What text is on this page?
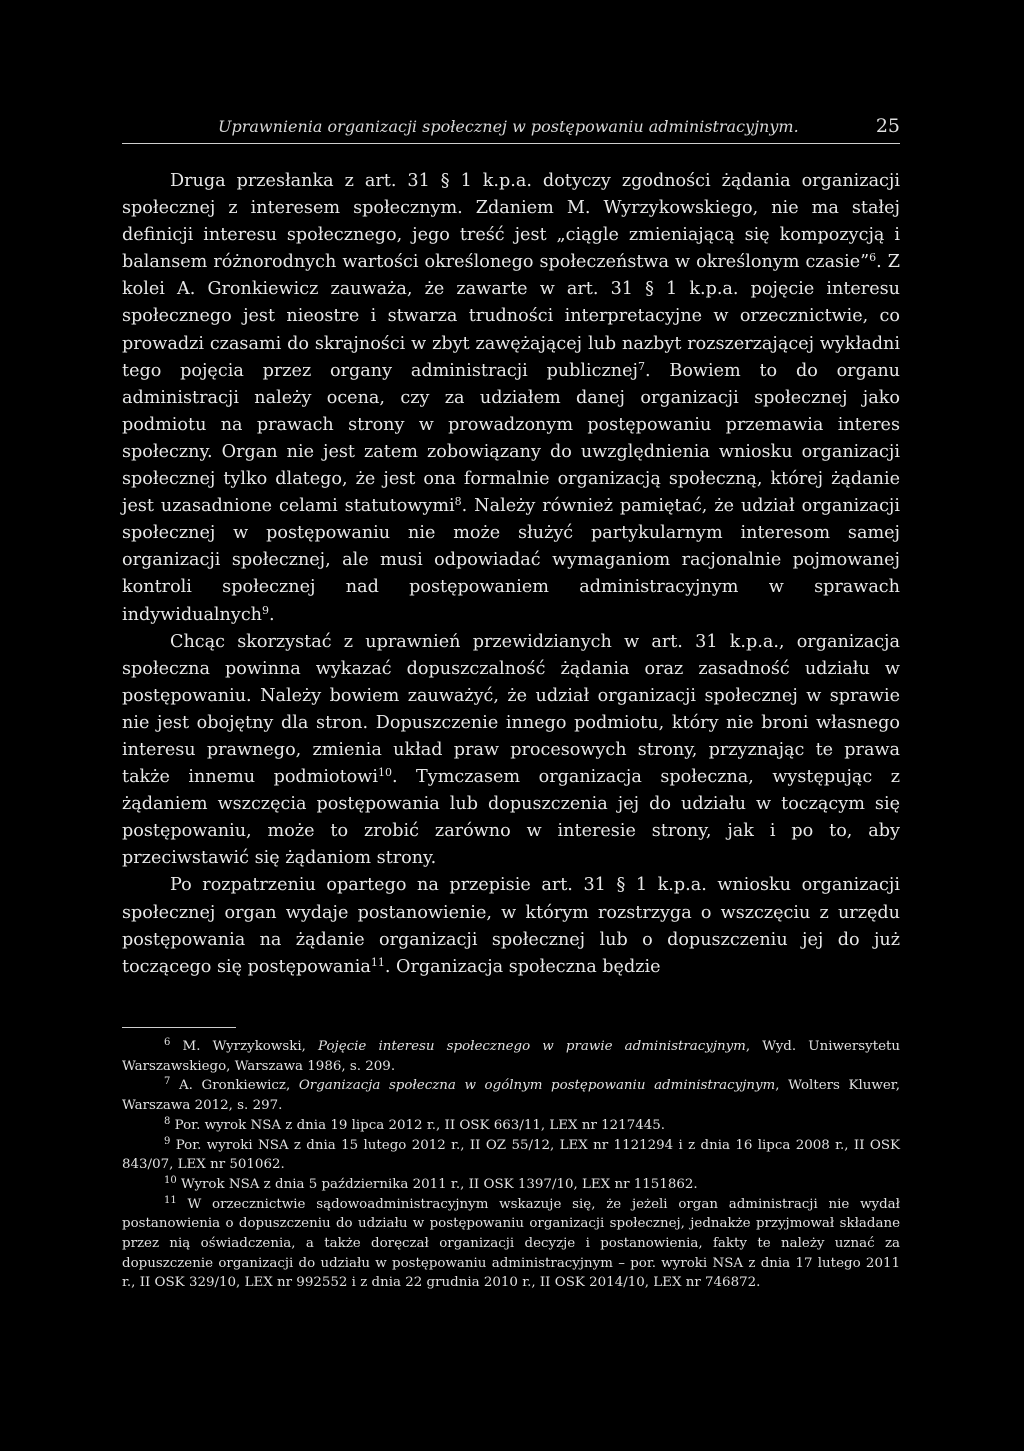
Uprawnienia organizacji społecznej w postępowaniu administracyjnym.	25

Druga przesłanka z art. 31 § 1 k.p.a. dotyczy zgodności żądania organizacji społecznej z interesem społecznym. Zdaniem M. Wyrzykowskiego, nie ma stałej definicji interesu społecznego, jego treść jest „ciągle zmieniającą się kompozycją i balansem różnorodnych wartości określonego społeczeństwa w określonym czasie”$^6$. Z kolei A. Gronkiewicz zauważa, że zawarte w art. 31 § 1 k.p.a. pojęcie interesu społecznego jest nieostre i stwarza trudności interpretacyjne w orzecznictwie, co prowadzi czasami do skrajności w zbyt zawężającej lub nazbyt rozszerzającej wykładni tego pojęcia przez organy administracji publicznej$^7$. Bowiem to do organu administracji należy ocena, czy za udziałem danej organizacji społecznej jako podmiotu na prawach strony w prowadzonym postępowaniu przemawia interes społeczny. Organ nie jest zatem zobowiązany do uwzględnienia wniosku organizacji społecznej tylko dlatego, że jest ona formalnie organizacją społeczną, której żądanie jest uzasadnione celami statutowymi$^8$. Należy również pamiętać, że udział organizacji społecznej w postępowaniu nie może służyć partykularnym interesom samej organizacji społecznej, ale musi odpowiadać wymaganiom racjonalnie pojmowanej kontroli społecznej nad postępowaniem administracyjnym w sprawach indywidualnych$^9$.

Chcąc skorzystać z uprawnień przewidzianych w art. 31 k.p.a., organizacja społeczna powinna wykazać dopuszczalność żądania oraz zasadność udziału w postępowaniu. Należy bowiem zauważyć, że udział organizacji społecznej w sprawie nie jest obojętny dla stron. Dopuszczenie innego podmiotu, który nie broni własnego interesu prawnego, zmienia układ praw procesowych strony, przyznając te prawa także innemu podmiotowi$^{10}$. Tymczasem organizacja społeczna, występując z żądaniem wszczęcia postępowania lub dopuszczenia jej do udziału w toczącym się postępowaniu, może to zrobić zarówno w interesie strony, jak i po to, aby przeciwstawić się żądaniom strony.

Po rozpatrzeniu opartego na przepisie art. 31 § 1 k.p.a. wniosku organizacji społecznej organ wydaje postanowienie, w którym rozstrzyga o wszczęciu z urzędu postępowania na żądanie organizacji społecznej lub o dopuszczeniu jej do już toczącego się postępowania$^{11}$. Organizacja społeczna będzie

$^6$ M. Wyrzykowski, Pojęcie interesu społecznego w prawie administracyjnym, Wyd. Uniwersytetu Warszawskiego, Warszawa 1986, s. 209.

$^7$ A. Gronkiewicz, Organizacja społeczna w ogólnym postępowaniu administracyjnym, Wolters Kluwer, Warszawa 2012, s. 297.

$^8$ Por. wyrok NSA z dnia 19 lipca 2012 r., II OSK 663/11, LEX nr 1217445.

$^9$ Por. wyroki NSA z dnia 15 lutego 2012 r., II OZ 55/12, LEX nr 1121294 i z dnia 16 lipca 2008 r., II OSK 843/07, LEX nr 501062.

$^{10}$ Wyrok NSA z dnia 5 października 2011 r., II OSK 1397/10, LEX nr 1151862.

$^{11}$ W orzecznictwie sądowoadministracyjnym wskazuje się, że jeżeli organ administracji nie wydał postanowienia o dopuszczeniu do udziału w postępowaniu organizacji społecznej, jednakże przyjmował składane przez nią oświadczenia, a także doręczał organizacji decyzje i postanowienia, fakty te należy uznać za dopuszczenie organizacji do udziału w postępowaniu administracyjnym – por. wyroki NSA z dnia 17 lutego 2011 r., II OSK 329/10, LEX nr 992552 i z dnia 22 grudnia 2010 r., II OSK 2014/10, LEX nr 746872.
